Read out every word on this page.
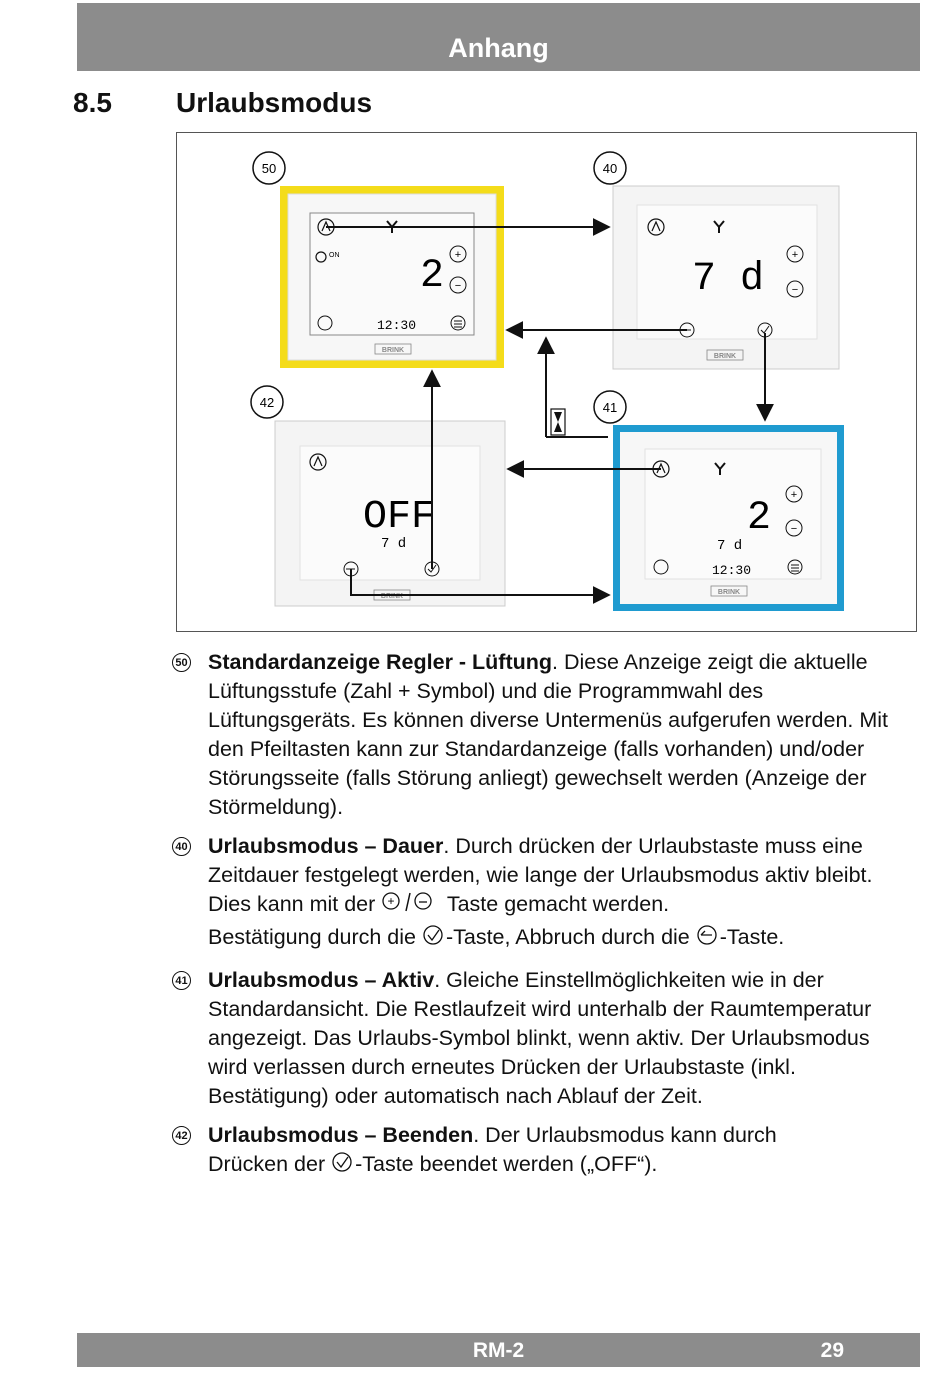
Anhang
8.5 Urlaubsmodus
50	40
42	41
ON 2 +
−
12:30
BRINK
7 d
+
−
BRINK
OFF
7 d
BRINK
2
7 d
+
−
12:30
BRINK
50 Standardanzeige Regler - Lüftung. Diese Anzeige zeigt die aktuelle Lüftungsstufe (Zahl + Symbol) und die Programmwahl des Lüftungsgeräts. Es können diverse Untermenüs aufgerufen werden. Mit den Pfeiltasten kann zur Standardanzeige (falls vorhanden) und/oder Störungsseite (falls Störung anliegt) gewechselt werden (Anzeige der Störmeldung).
40 Urlaubsmodus – Dauer. Durch drücken der Urlaubstaste muss eine Zeitdauer festgelegt werden, wie lange der Urlaubsmodus aktiv bleibt. Dies kann mit der + Taste gemacht werden.
Bestätigung durch die -Taste, Abbruch durch die -Taste.
41 Urlaubsmodus – Aktiv. Gleiche Einstellmöglichkeiten wie in der Standardansicht. Die Restlaufzeit wird unterhalb der Raumtemperatur angezeigt. Das Urlaubs-Symbol blinkt, wenn aktiv. Der Urlaubsmodus wird verlassen durch erneutes Drücken der Urlaubstaste (inkl. Bestätigung) oder automatisch nach Ablauf der Zeit.
42 Urlaubsmodus – Beenden. Der Urlaubsmodus kann durch
Drücken der -Taste beendet werden („OFF“).
RM-2	29
